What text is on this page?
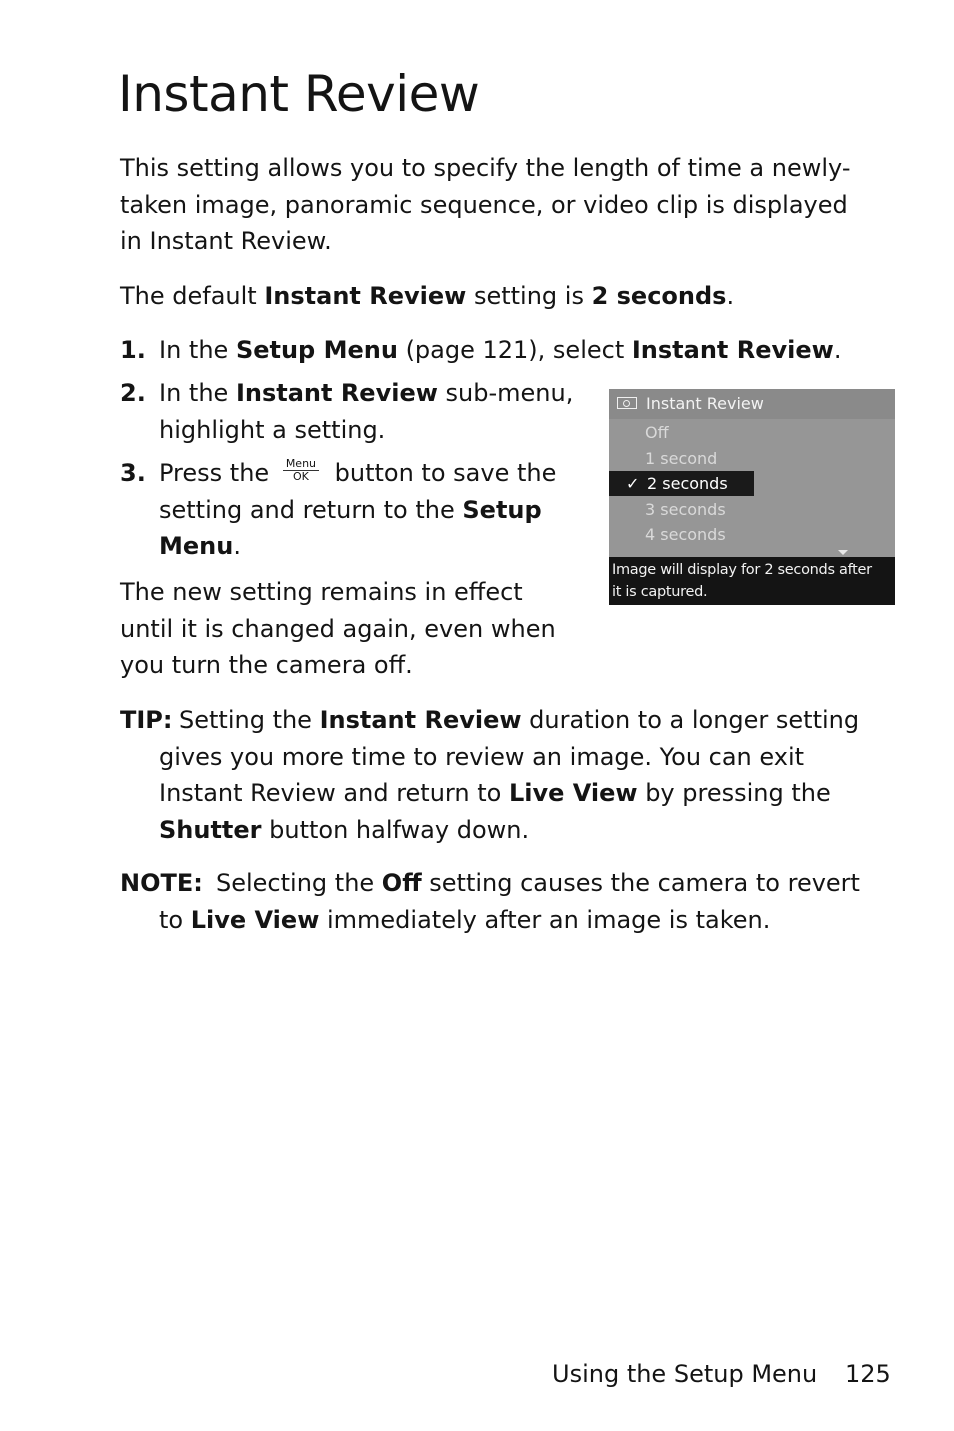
Instant Review

This setting allows you to specify the length of time a newly-
taken image, panoramic sequence, or video clip is displayed
in Instant Review.

The default Instant Review setting is 2 seconds.

1. In the Setup Menu (page 121), select Instant Review.
2. In the Instant Review sub-menu,
highlight a setting.
3. Press the Menu
OK button to save the
setting and return to the Setup
Menu.

The new setting remains in effect
until it is changed again, even when
you turn the camera off.

Instant Review
Off
1 second
✓ 2 seconds
3 seconds
4 seconds
Image will display for 2 seconds after
it is captured.
TIP: Setting the Instant Review duration to a longer setting
gives you more time to review an image. You can exit
Instant Review and return to Live View by pressing the
Shutter button halfway down.
NOTE: Selecting the Off setting causes the camera to revert
to Live View immediately after an image is taken.
Using the Setup Menu 125
